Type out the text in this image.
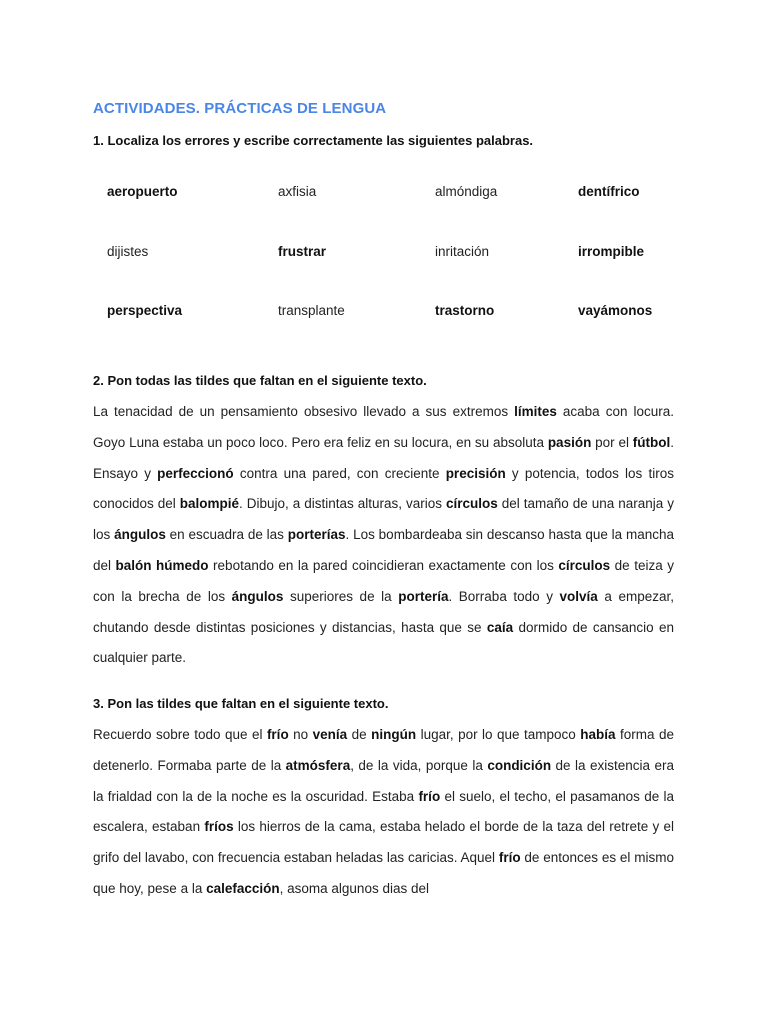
ACTIVIDADES. PRÁCTICAS DE LENGUA
1. Localiza los errores y escribe correctamente las siguientes palabras.
aeropuerto	axfisia	almóndiga	dentífrico
dijistes	frustrar	inritación	irrompible
perspectiva	transplante	trastorno	vayámonos
2. Pon todas las tildes que faltan en el siguiente texto.

La tenacidad de un pensamiento obsesivo llevado a sus extremos límites acaba con locura. Goyo Luna estaba un poco loco. Pero era feliz en su locura, en su absoluta pasión por el fútbol. Ensayo y perfeccionó contra una pared, con creciente precisión y potencia, todos los tiros conocidos del balompié. Dibujo, a distintas alturas, varios círculos del tamaño de una naranja y los ángulos en escuadra de las porterías. Los bombardeaba sin descanso hasta que la mancha del balón húmedo rebotando en la pared coincidieran exactamente con los círculos de teiza y con la brecha de los ángulos superiores de la portería. Borraba todo y volvía a empezar, chutando desde distintas posiciones y distancias, hasta que se caía dormido de cansancio en cualquier parte.

3. Pon las tildes que faltan en el siguiente texto.

Recuerdo sobre todo que el frío no venía de ningún lugar, por lo que tampoco había forma de detenerlo. Formaba parte de la atmósfera, de la vida, porque la condición de la existencia era la frialdad con la de la noche es la oscuridad. Estaba frío el suelo, el techo, el pasamanos de la escalera, estaban fríos los hierros de la cama, estaba helado el borde de la taza del retrete y el grifo del lavabo, con frecuencia estaban heladas las caricias. Aquel frío de entonces es el mismo que hoy, pese a la calefacción, asoma algunos dias del
